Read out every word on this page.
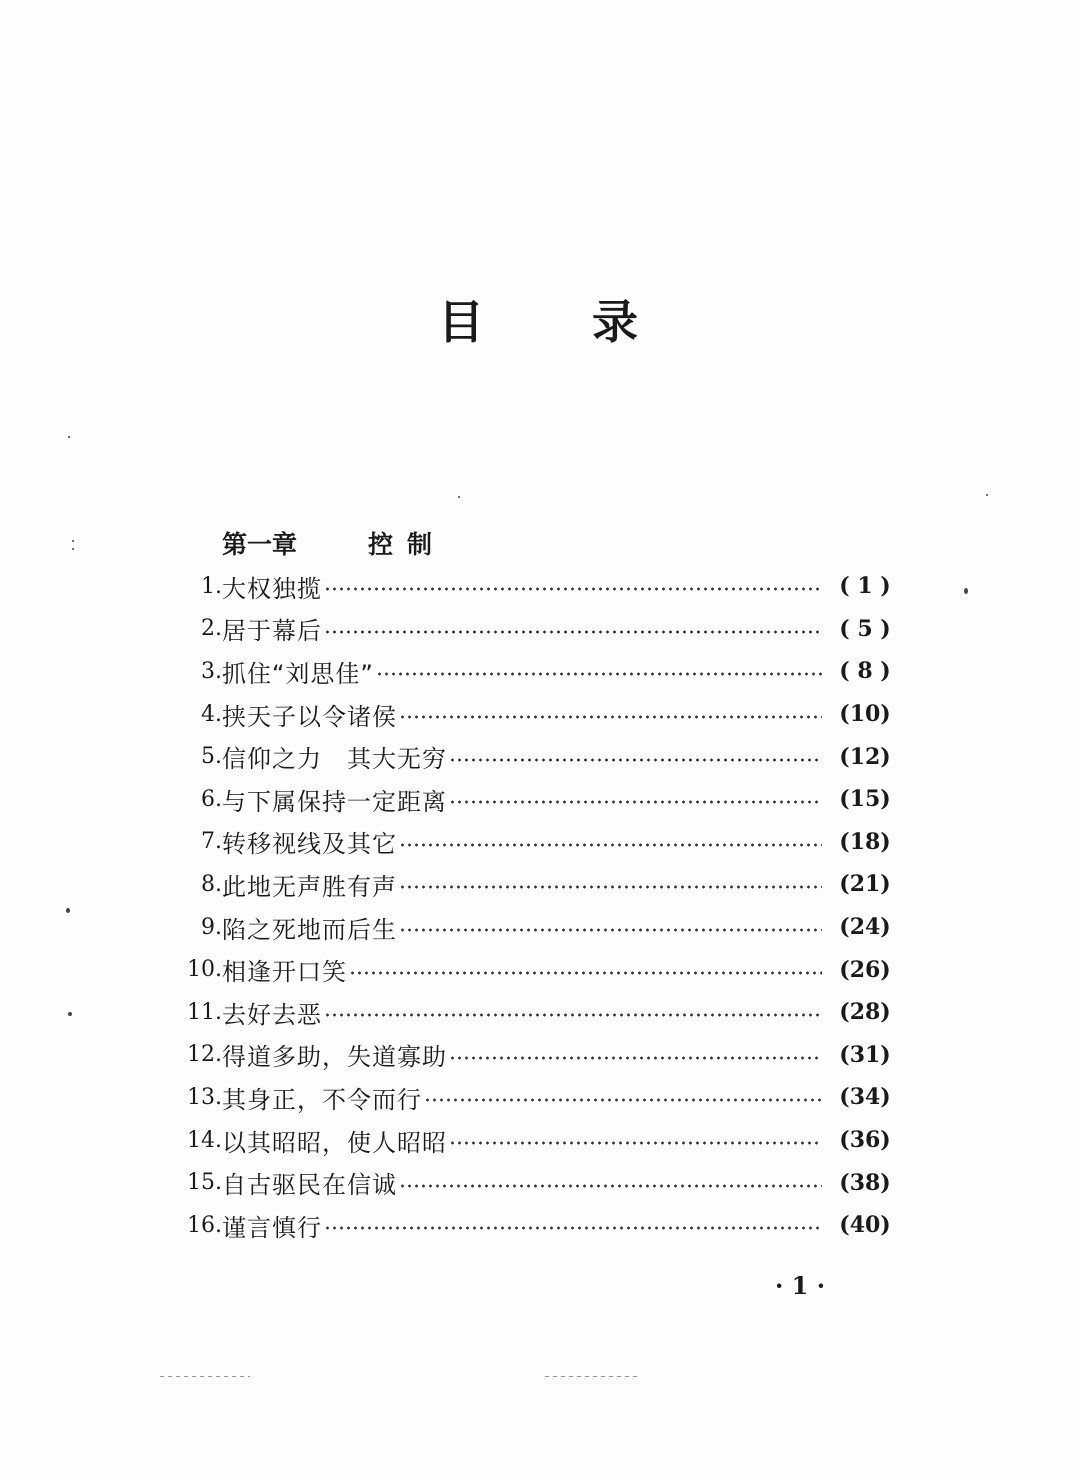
目 录
第一章	控制
1. 大权独揽	( 1 )
2. 居于幕后	( 5 )
3. 抓住“刘思佳”	( 8 )
4. 挟天子以令诸侯	(10)
5. 信仰之力　其大无穷	(12)
6. 与下属保持一定距离	(15)
7. 转移视线及其它	(18)
8. 此地无声胜有声	(21)
9. 陷之死地而后生	(24)
10. 相逢开口笑	(26)
11. 去好去恶	(28)
12. 得道多助，失道寡助	(31)
13. 其身正，不令而行	(34)
14. 以其昭昭，使人昭昭	(36)
15. 自古驱民在信诚	(38)
16. 谨言慎行	(40)
· 1 ·
